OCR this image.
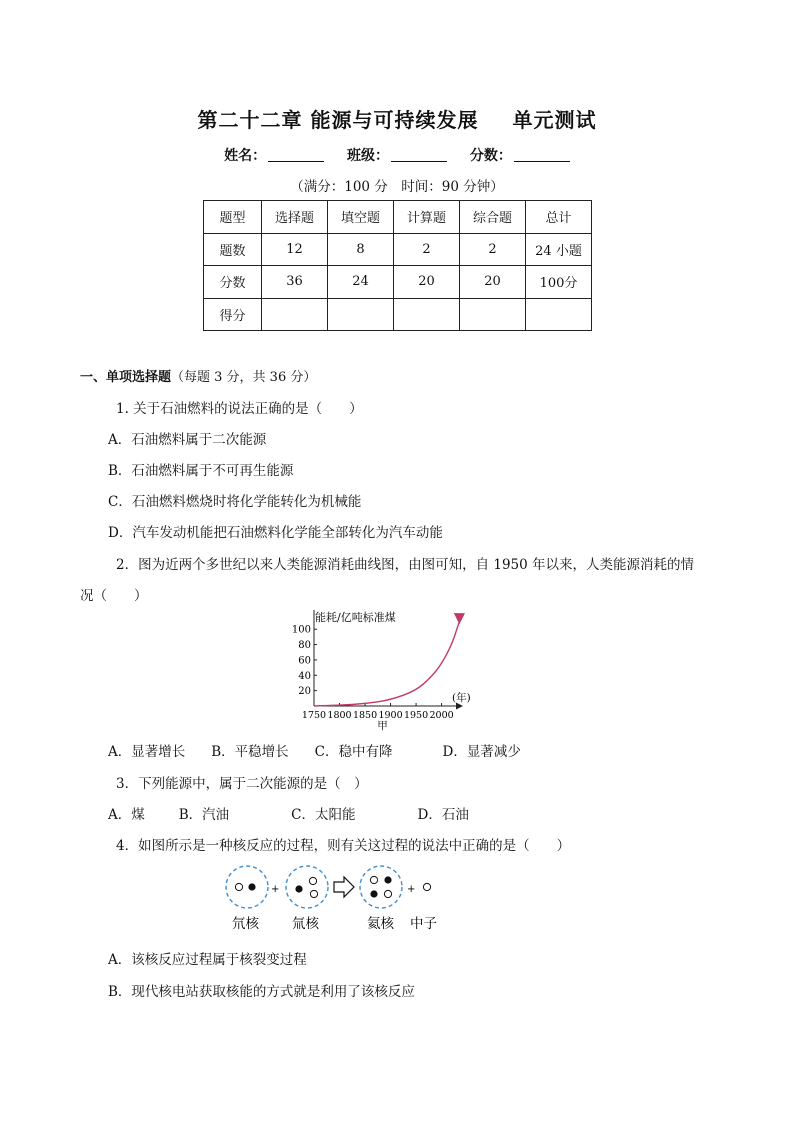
第二十二章 能源与可持续发展 单元测试
姓名：	班级：	分数：
（满分：100 分　时间：90 分钟）
题型	选择题	填空题	计算题	综合题	总计
题数	12	8	2	2	24 小题
分数	36	24	20	20	100分
得分					
一、单项选择题（每题 3 分，共 36 分）
1. 关于石油燃料的说法正确的是（　　）
A．石油燃料属于二次能源
B．石油燃料属于不可再生能源
C．石油燃料燃烧时将化学能转化为机械能
D．汽车发动机能把石油燃料化学能全部转化为汽车动能
2．图为近两个多世纪以来人类能源消耗曲线图，由图可知，自 1950 年以来，人类能源消耗的情
况（　　）
能耗/亿吨标准煤
20
40
60
80
100
1750 1800 1850 1900 1950 2000
(年)
甲
A．显著增长 B．平稳增长 C．稳中有降	D．显著减少
3．下列能源中，属于二次能源的是（　）
A．煤	B．汽油	C．太阳能	D．石油
4．如图所示是一种核反应的过程，则有关这过程的说法中正确的是（　　）
+	+
氘核 氚核	氦核 中子
A．该核反应过程属于核裂变过程
B．现代核电站获取核能的方式就是利用了该核反应
